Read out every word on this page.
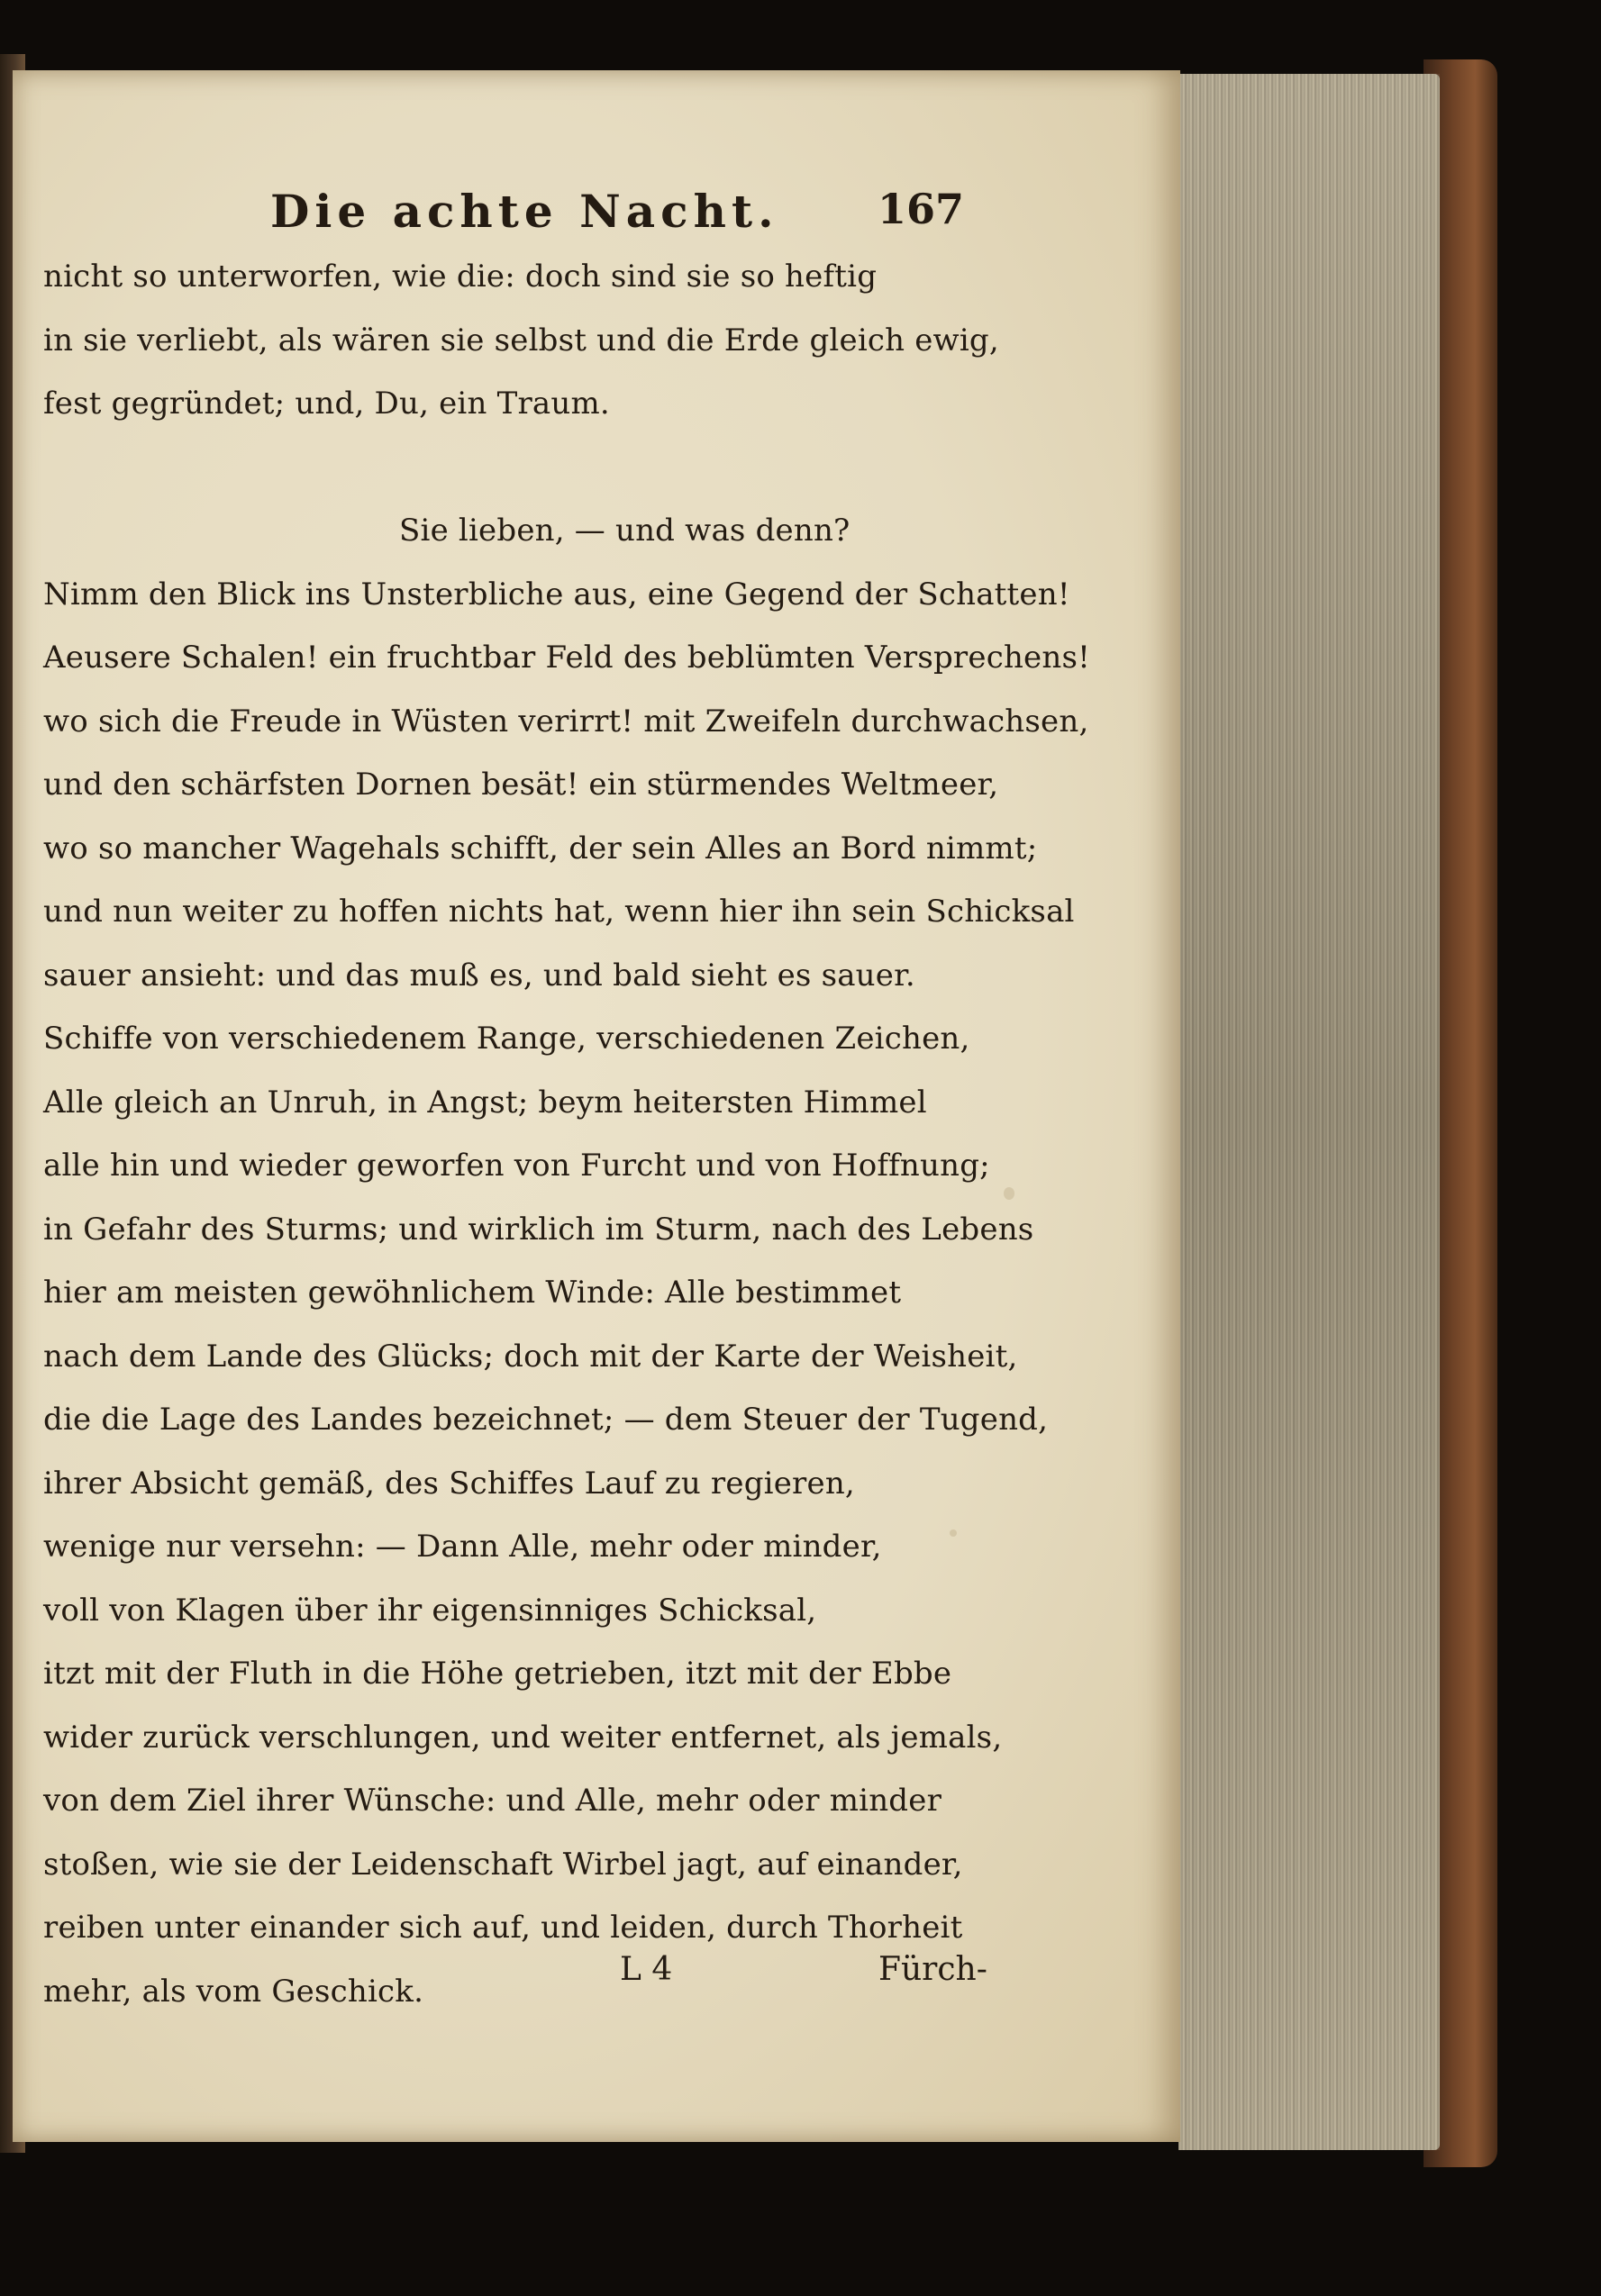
Die achte Nacht. 167
nicht so unterworfen, wie die: doch sind sie so heftig
in sie verliebt, als wären sie selbst und die Erde gleich ewig,
fest gegründet; und, Du, ein Traum.
Sie lieben, — und was denn?
Nimm den Blick ins Unsterbliche aus, eine Gegend der Schatten!
Aeusere Schalen! ein fruchtbar Feld des beblümten Versprechens!
wo sich die Freude in Wüsten verirrt! mit Zweifeln durchwachsen,
und den schärfsten Dornen besät! ein stürmendes Weltmeer,
wo so mancher Wagehals schifft, der sein Alles an Bord nimmt;
und nun weiter zu hoffen nichts hat, wenn hier ihn sein Schicksal
sauer ansieht: und das muß es, und bald sieht es sauer.
Schiffe von verschiedenem Range, verschiedenen Zeichen,
Alle gleich an Unruh, in Angst; beym heitersten Himmel
alle hin und wieder geworfen von Furcht und von Hoffnung;
in Gefahr des Sturms; und wirklich im Sturm, nach des Lebens
hier am meisten gewöhnlichem Winde: Alle bestimmet
nach dem Lande des Glücks; doch mit der Karte der Weisheit,
die die Lage des Landes bezeichnet; — dem Steuer der Tugend,
ihrer Absicht gemäß, des Schiffes Lauf zu regieren,
wenige nur versehn: — Dann Alle, mehr oder minder,
voll von Klagen über ihr eigensinniges Schicksal,
itzt mit der Fluth in die Höhe getrieben, itzt mit der Ebbe
wider zurück verschlungen, und weiter entfernet, als jemals,
von dem Ziel ihrer Wünsche: und Alle, mehr oder minder
stoßen, wie sie der Leidenschaft Wirbel jagt, auf einander,
reiben unter einander sich auf, und leiden, durch Thorheit
mehr, als vom Geschick.
L 4	Fürch-
